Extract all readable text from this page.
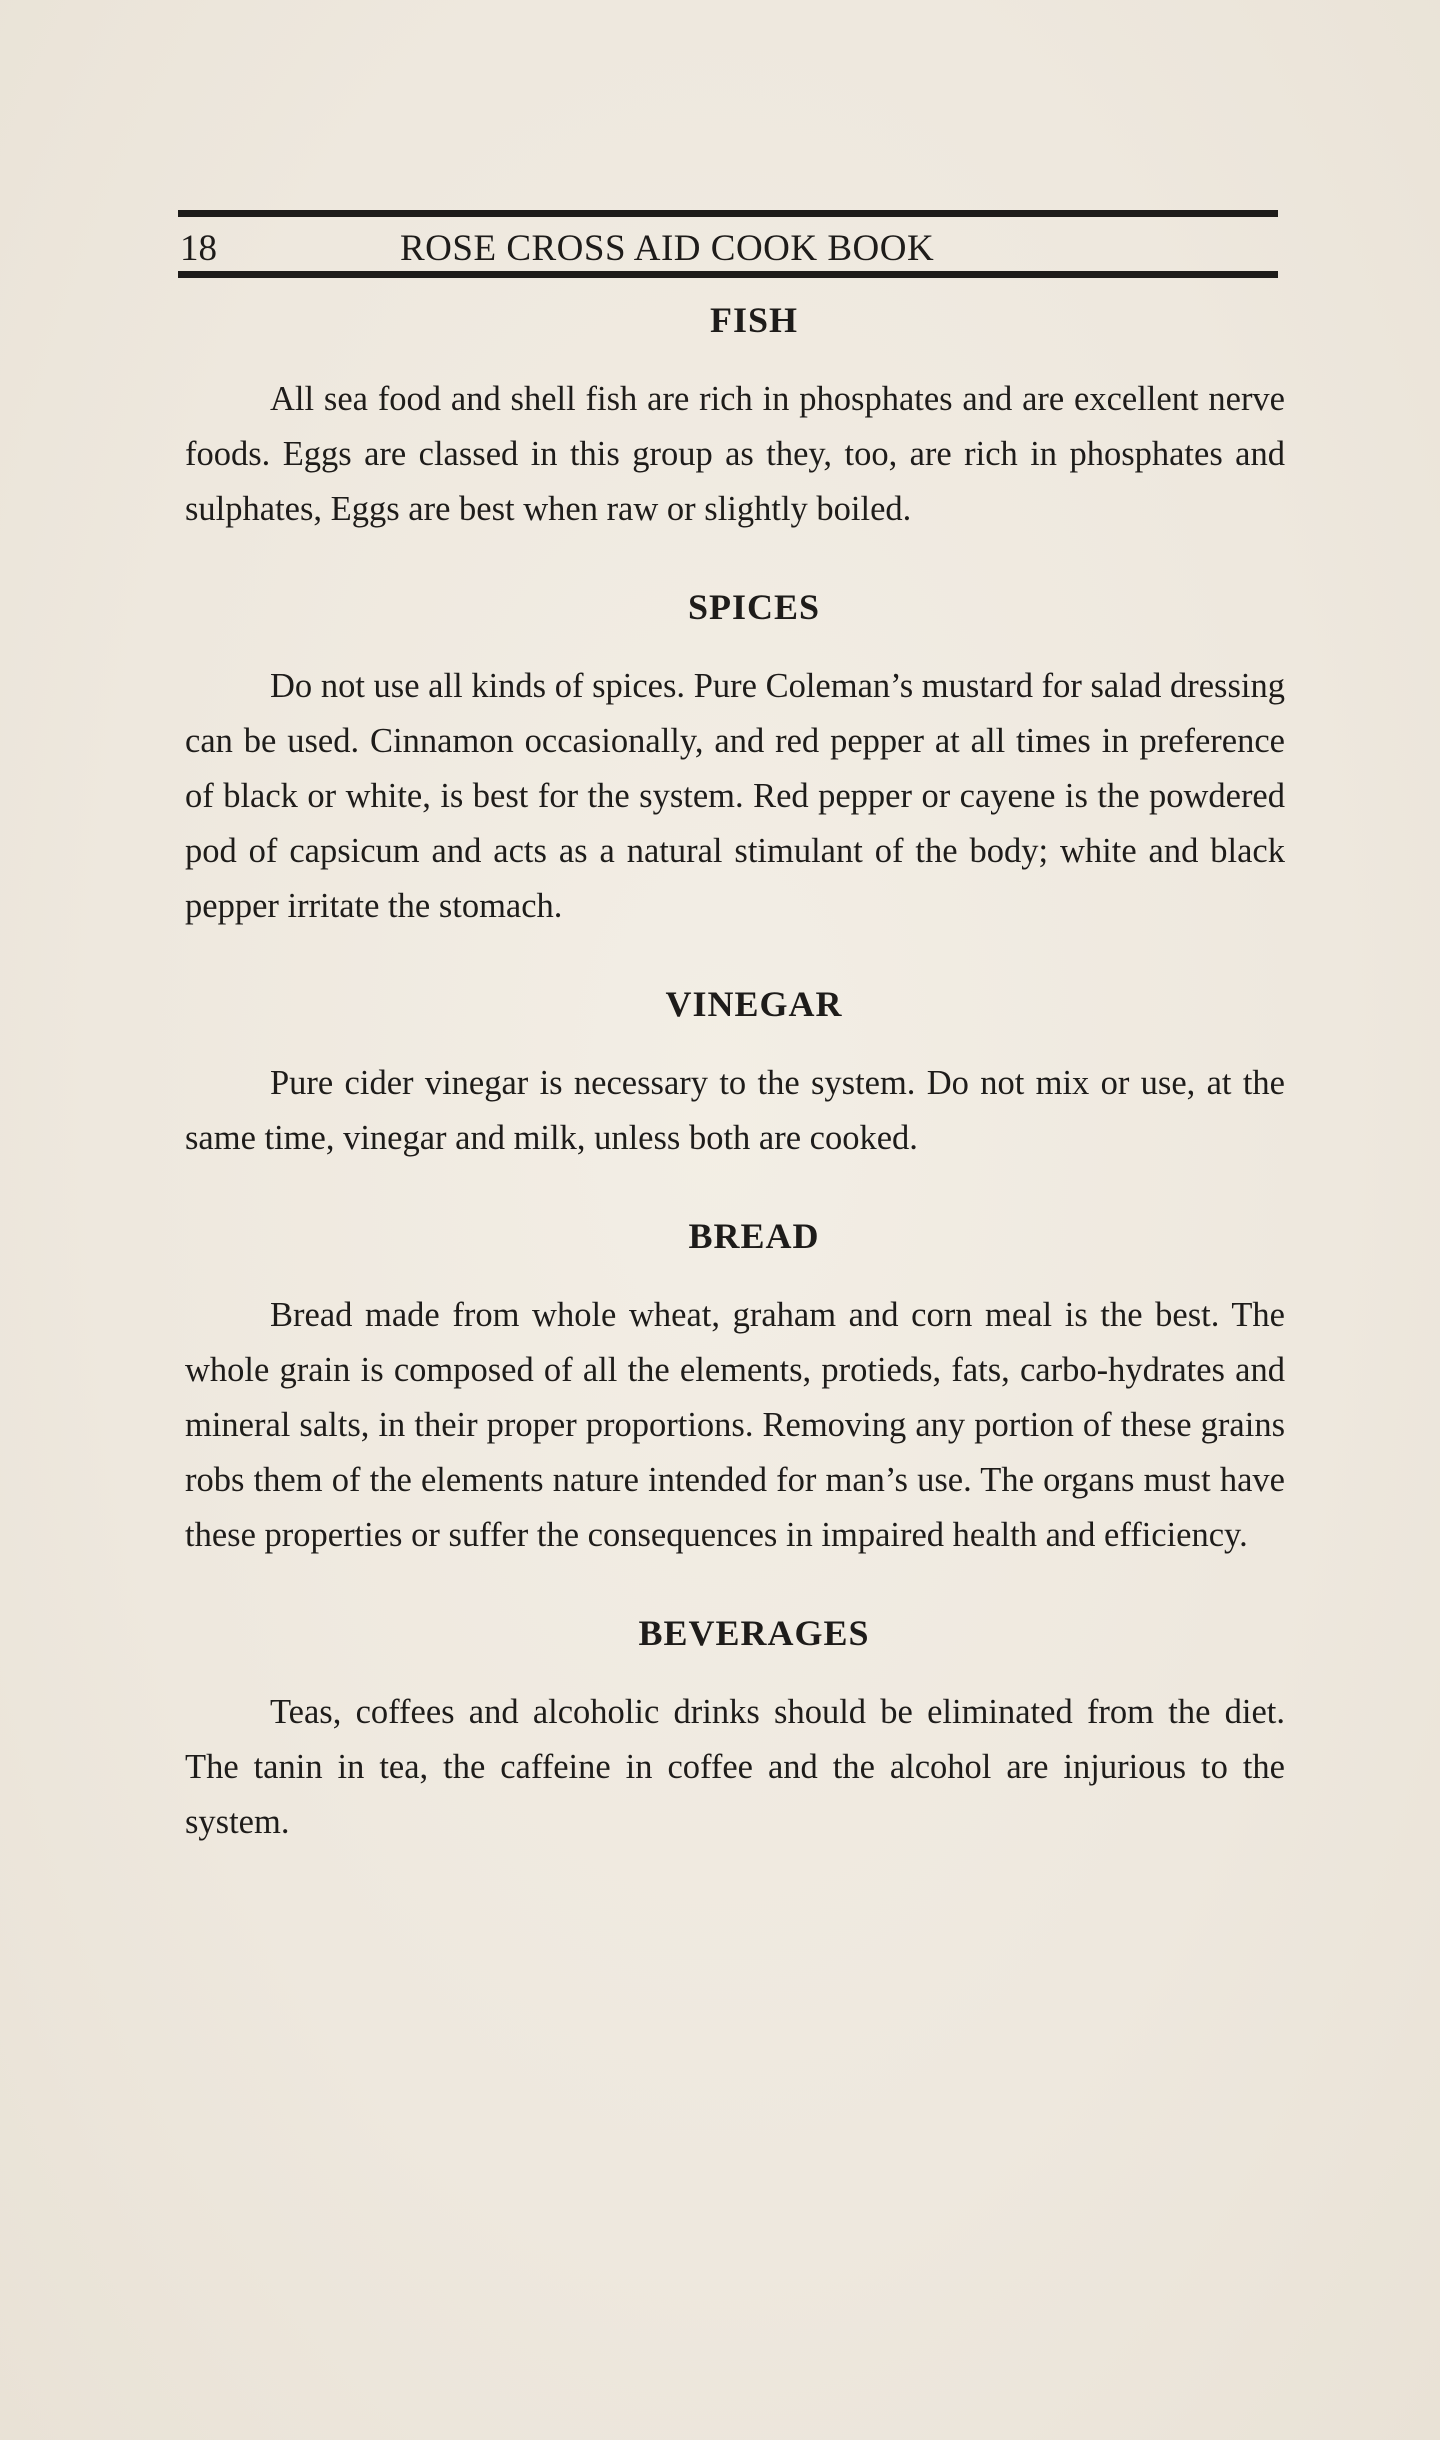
18	ROSE CROSS AID COOK BOOK
FISH

All sea food and shell fish are rich in phosphates and are excellent nerve foods. Eggs are classed in this group as they, too, are rich in phosphates and sulphates, Eggs are best when raw or slightly boiled.

SPICES

Do not use all kinds of spices. Pure Coleman’s mustard for salad dressing can be used. Cinnamon occasionally, and red pepper at all times in preference of black or white, is best for the system. Red pepper or cayene is the powdered pod of capsicum and acts as a natural stimulant of the body; white and black pepper irritate the stomach.

VINEGAR

Pure cider vinegar is necessary to the system. Do not mix or use, at the same time, vinegar and milk, unless both are cooked.

BREAD

Bread made from whole wheat, graham and corn meal is the best. The whole grain is composed of all the elements, protieds, fats, carbo-hydrates and mineral salts, in their proper proportions. Removing any portion of these grains robs them of the elements nature intended for man’s use. The organs must have these properties or suffer the consequences in impaired health and efficiency.

BEVERAGES

Teas, coffees and alcoholic drinks should be eliminated from the diet. The tanin in tea, the caffeine in coffee and the alcohol are injurious to the system.
